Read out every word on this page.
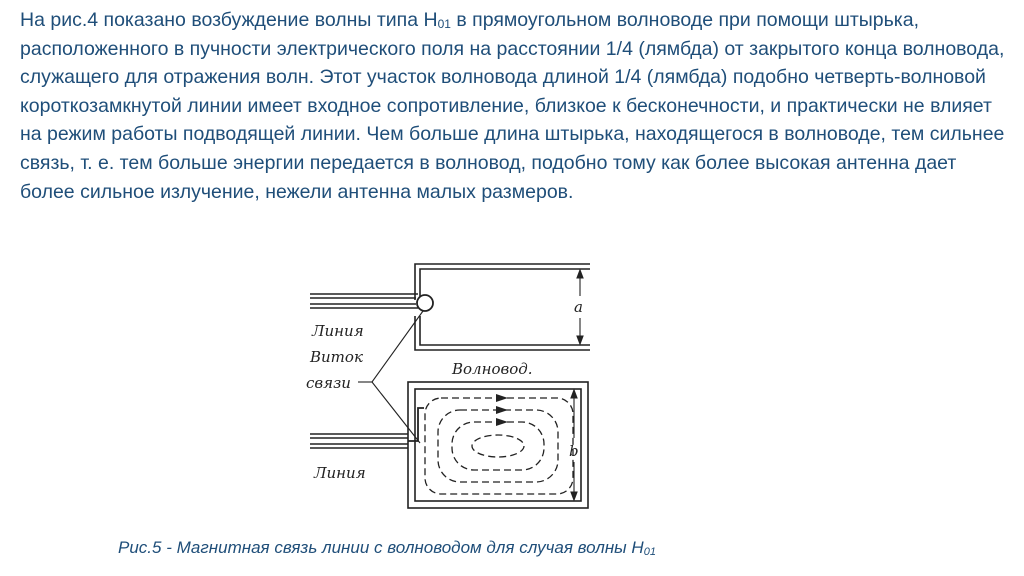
На рис.4 показано возбуждение волны типа $H_{01}$ в прямоугольном волноводе при помощи штырька, расположенного в пучности электрического поля на расстоянии 1/4 (лямбда) от закрытого конца волновода, служащего для отражения волн. Этот участок волновода длиной 1/4 (лямбда) подобно четверть-волновой короткозамкнутой линии имеет входное сопротивление, близкое к бесконечности, и практически не влияет на режим работы подводящей линии. Чем больше длина штырька, находящегося в волноводе, тем сильнее связь, т. е. тем больше энергии передается в волновод, подобно тому как более высокая антенна дает более сильное излучение, нежели антенна малых размеров.

a
Линия
Виток
связи
Волновод.
b
Линия
Рис.5 - Магнитная связь линии с волноводом для случая волны $H_{01}$
